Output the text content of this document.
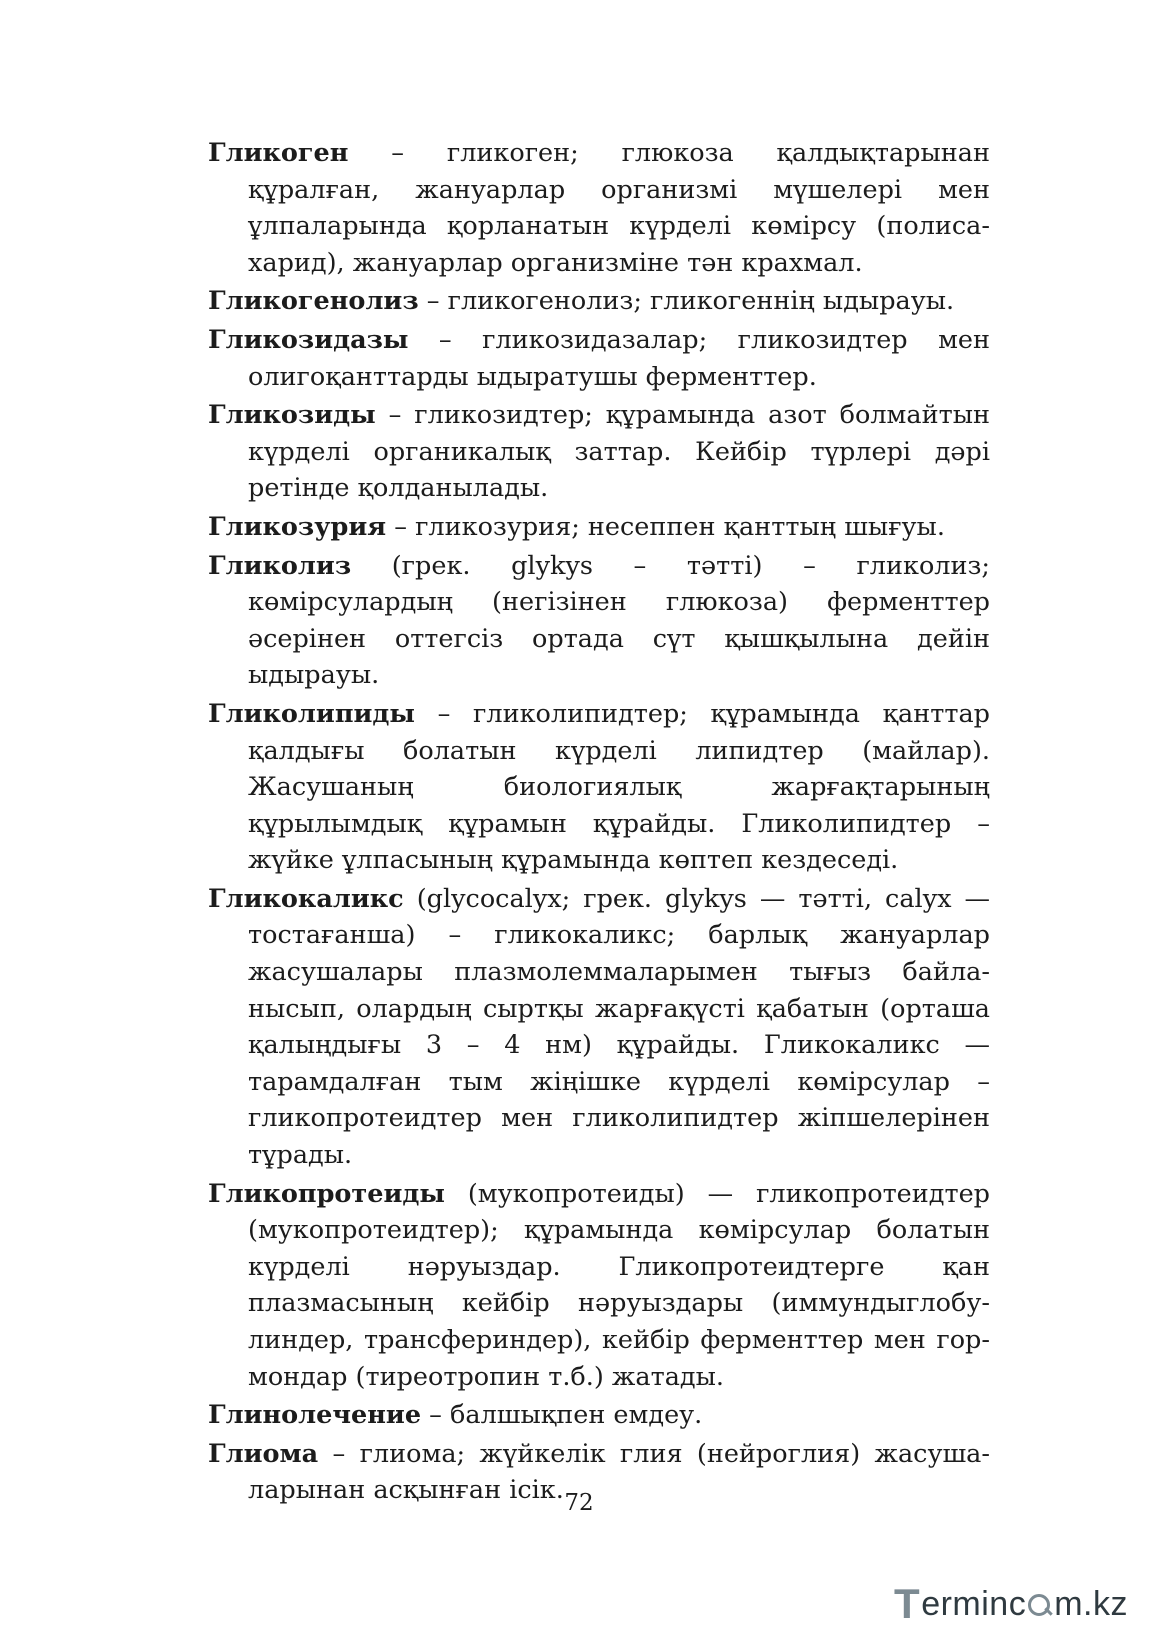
Гликоген – гликоген; глюкоза қалдықтарынан құралған, жануарлар организмі мүшелері мен ұлпаларында қорланатын күрделі көмірсу (полисахарид), жануарлар организміне тән крахмал.

Гликогенолиз – гликогенолиз; гликогеннің ыдырауы.

Гликозидазы – гликозидазалар; гликозидтер мен олигоқанттарды ыдыратушы ферменттер.

Гликозиды – гликозидтер; құрамында азот болмайтын күрделі органикалық заттар. Кейбір түрлері дәрі ретінде қолданылады.

Гликозурия – гликозурия; несеппен қанттың шығуы.

Гликолиз (грек. glykys – тәтті) – гликолиз; көмірсулардың (негізінен глюкоза) ферменттер әсерінен оттегсіз ортада сүт қышқылына дейін ыдырауы.

Гликолипиды – гликолипидтер; құрамында қанттар қалдығы болатын күрделі липидтер (майлар). Жасушаның биологиялық жарғақтарының құрылымдық құрамын құрайды. Гликолипидтер – жүйке ұлпасының құрамында көптеп кездеседі.

Гликокаликс (glycocalyx; грек. glykys — тәтті, calyx — тостағанша) – гликокаликс; барлық жануарлар жасушалары плазмолеммаларымен тығыз байланысып, олардың сыртқы жарғақүсті қабатын (орташа қалыңдығы 3 – 4 нм) құрайды. Гликокаликс — тарамдалған тым жіңішке күрделі көмірсулар – гликопротеидтер мен гликолипидтер жіпшелерінен тұрады.

Гликопротеиды (мукопротеиды) — гликопротеидтер (мукопротеидтер); құрамында көмірсулар болатын күрделі нәруыздар. Гликопротеидтерге қан плазмасының кейбір нәруыздары (иммундыглобулиндер, трансфериндер), кейбір ферменттер мен гормондар (тиреотропин т.б.) жатады.

Глинолечение – балшықпен емдеу.

Глиома – глиома; жүйкелік глия (нейроглия) жасушаларынан асқынған ісік. 72
T erminc m.kz
